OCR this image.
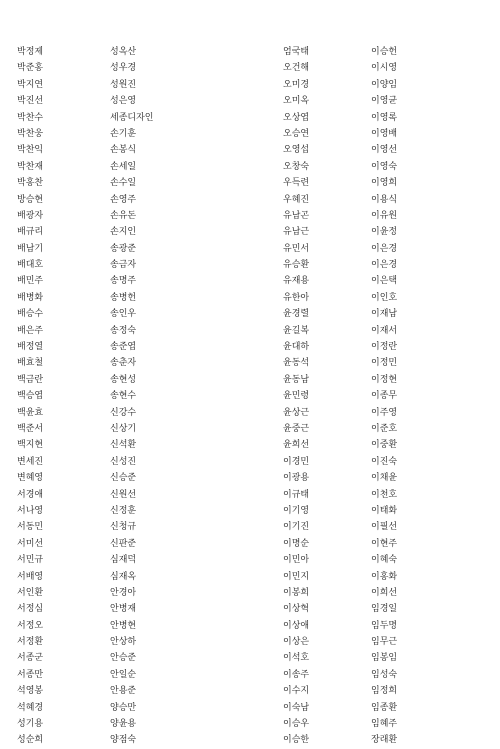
박정제	성옥산	엄국태	이승헌
박준홍	성우경	오건해	이시영
박지연	성원진	오미경	이양임
박진선	성은영	오미옥	이영균
박찬수	세종디자인	오상엽	이영록
박찬웅	손기훈	오승연	이영배
박찬익	손봉식	오영섭	이영선
박찬재	손세일	오창숙	이영숙
박홍찬	손수일	우득련	이영희
방승현	손영주	우혜진	이용식
배광자	손유돈	유남곤	이유원
배규리	손지인	유남근	이윤정
배남기	송광준	유민서	이은경
배대호	송금자	유승환	이은경
배민주	송명주	유재용	이은택
배병화	송병헌	유한아	이인호
배승수	송인우	윤경렬	이재남
배은주	송정숙	윤길복	이재서
배정열	송준엽	윤대하	이정란
배효철	송춘자	윤동석	이정민
백금란	송현성	윤동남	이정현
백승엽	송현수	윤민령	이종무
백윤효	신강수	윤상근	이주영
백준서	신상기	윤중근	이준호
백지현	신석환	윤희선	이중환
변세진	신성진	이경민	이진숙
변혜영	신승준	이광용	이채윤
서경애	신원선	이규태	이천호
서나영	신정훈	이기영	이태화
서동민	신청규	이기진	이필선
서미선	신판준	이명순	이현주
서민규	심재덕	이민아	이혜숙
서배영	심재옥	이민지	이홍화
서인환	안경아	이봉희	이희선
서정심	안병재	이상혁	임경일
서정오	안병현	이상애	임두명
서정환	안상하	이상은	임무근
서종군	안승준	이석호	임봉임
서종만	안일순	이송주	임성숙
석영봉	안용준	이수지	임정희
석혜경	양승만	이숙남	임종환
성기용	양윤용	이승우	임혜주
성순희	양점숙	이승한	장래환
